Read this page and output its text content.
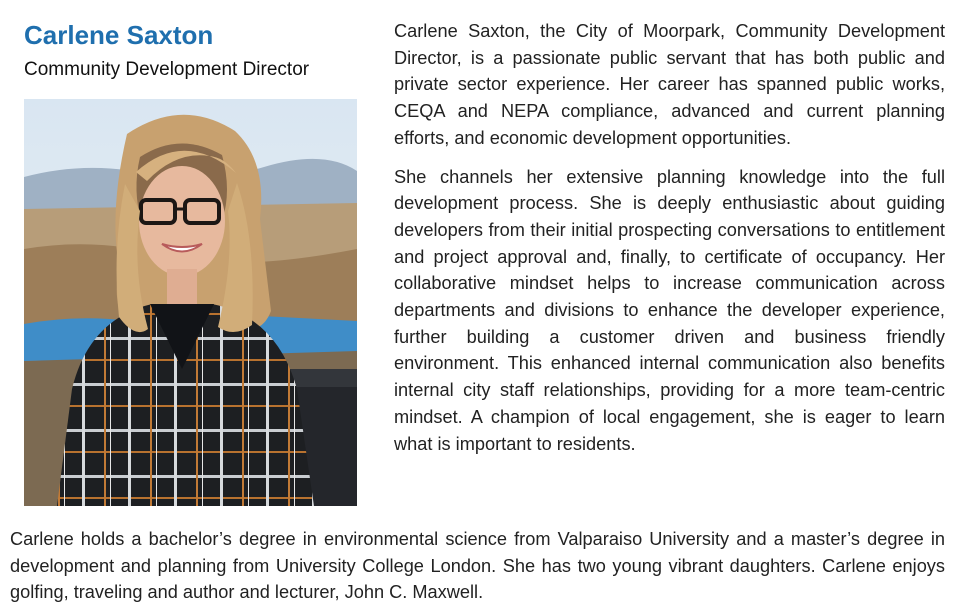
Carlene Saxton
Community Development Director

Carlene Saxton, the City of Moorpark, Community Development Director, is a passionate public servant that has both public and private sector experience. Her career has spanned public works, CEQA and NEPA compliance, advanced and current planning efforts, and economic development opportunities.

She channels her extensive planning knowledge into the full development process. She is deeply enthusiastic about guiding developers from their initial prospecting conversations to entitlement and project approval and, finally, to certificate of occupancy. Her collaborative mindset helps to increase communication across departments and divisions to enhance the developer experience, further building a customer driven and business friendly environment. This enhanced internal communication also benefits internal city staff relationships, providing for a more team-centric mindset. A champion of local engagement, she is eager to learn what is important to residents.

Carlene holds a bachelor’s degree in environmental science from Valparaiso University and a master’s degree in development and planning from University College London. She has two young vibrant daughters. Carlene enjoys golfing, traveling and author and lecturer, John C. Maxwell.
